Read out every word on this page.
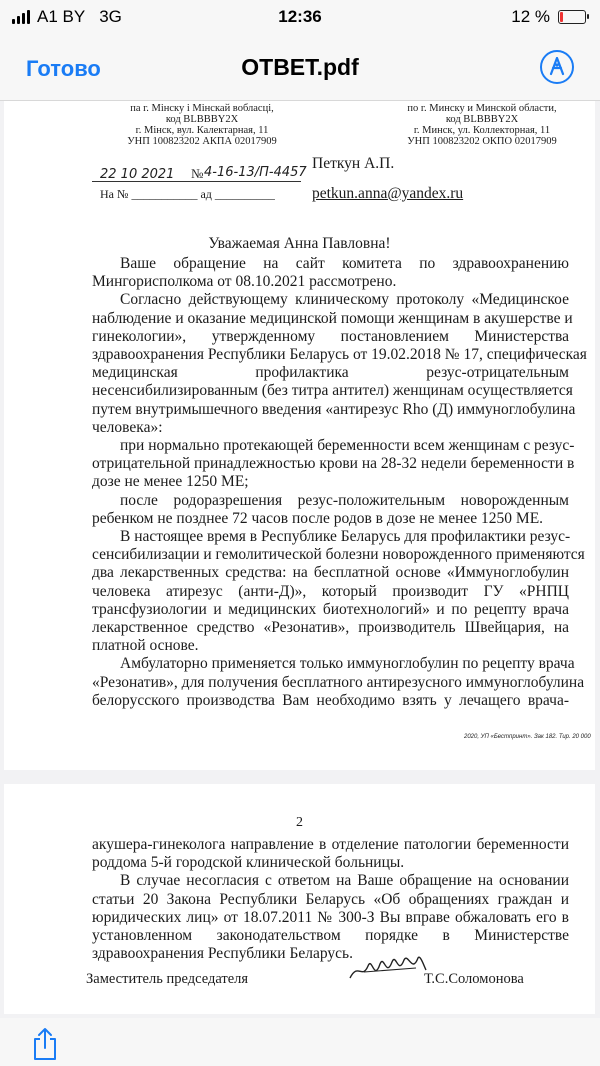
A1 BY 3G	12:36	12 %
Готово	ОТВЕТ.pdf
па г. Мінску і Мінскай вобласці,
код BLBBBY2X
г. Мінск, вул. Калектарная, 11
УНП 100823202 АКПА 02017909
по г. Минску и Минской области,
код BLBBBY2X
г. Минск, ул. Коллекторная, 11
УНП 100823202 ОКПО 02017909
22 10 2021 № 4-16-13/П-4457
На № ___________ ад __________
Петкун А.П.
petkun.anna@yandex.ru
Уважаемая Анна Павловна!
Ваше обращение на сайт комитета по здравоохранению
Мингорисполкома от 08.10.2021 рассмотрено.
Согласно действующему клиническому протоколу «Медицинское
наблюдение и оказание медицинской помощи женщинам в акушерстве и
гинекологии», утвержденному постановлением Министерства
здравоохранения Республики Беларусь от 19.02.2018 № 17, специфическая
медицинская профилактика резус-отрицательным
несенсибилизированным (без титра антител) женщинам осуществляется
путем внутримышечного введения «антирезус Rho (Д) иммуноглобулина
человека»:
при нормально протекающей беременности всем женщинам с резус-
отрицательной принадлежностью крови на 28-32 недели беременности в
дозе не менее 1250 МЕ;
после родоразрешения резус-положительным новорожденным
ребенком не позднее 72 часов после родов в дозе не менее 1250 МЕ.
В настоящее время в Республике Беларусь для профилактики резус-
сенсибилизации и гемолитической болезни новорожденного применяются
два лекарственных средства: на бесплатной основе «Иммуноглобулин
человека атирезус (анти-Д)», который производит ГУ «РНПЦ
трансфузиологии и медицинских биотехнологий» и по рецепту врача
лекарственное средство «Резонатив», производитель Швейцария, на
платной основе.
Амбулаторно применяется только иммуноглобулин по рецепту врача
«Резонатив», для получения бесплатного антирезусного иммуноглобулина
белорусского производства Вам необходимо взять у лечащего врача-
2020, УП «Бестпринт». Зак 182. Тир. 20 000
2
акушера-гинеколога направление в отделение патологии беременности
роддома 5-й городской клинической больницы.
В случае несогласия с ответом на Ваше обращение на основании
статьи 20 Закона Республики Беларусь «Об обращениях граждан и
юридических лиц» от 18.07.2011 № 300-З Вы вправе обжаловать его в
установленном законодательством порядке в Министерстве
здравоохранения Республики Беларусь.
Заместитель председателя	Т.С.Соломонова
